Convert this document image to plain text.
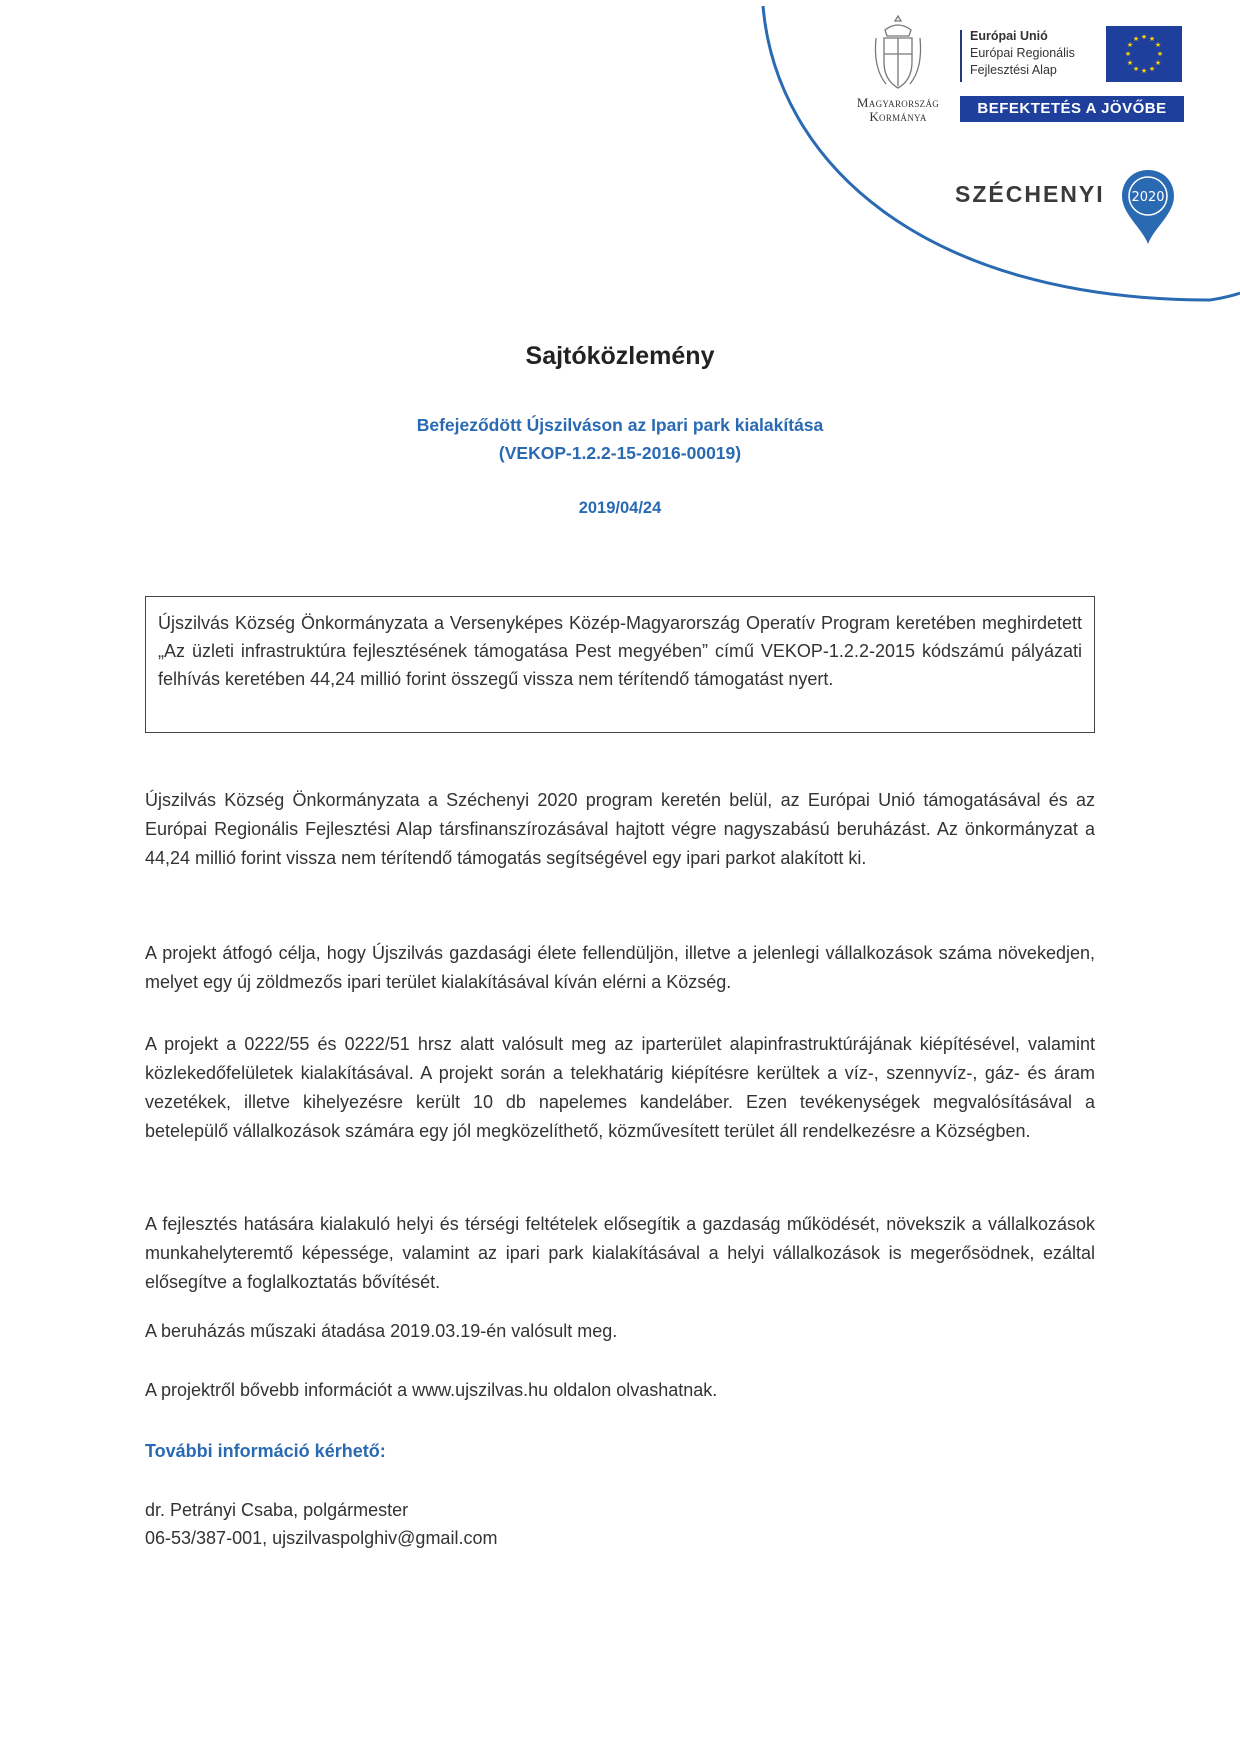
Magyarország
Kormánya
Európai Unió
Európai Regionális
Fejlesztési Alap
★ ★
★
★
★
★
★
★
★
★
★
★
BEFEKTETÉS A JÖVŐBE
SZÉCHENYI 2020
Sajtóközlemény
Befejeződött Újszilváson az Ipari park kialakítása
(VEKOP-1.2.2-15-2016-00019)
2019/04/24

Újszilvás Község Önkormányzata a Versenyképes Közép-Magyarország Operatív Program keretében meghirdetett „Az üzleti infrastruktúra fejlesztésének támogatása Pest megyében” című VEKOP-1.2.2-2015 kódszámú pályázati felhívás keretében 44,24 millió forint összegű vissza nem térítendő támogatást nyert.

Újszilvás Község Önkormányzata a Széchenyi 2020 program keretén belül, az Európai Unió támogatásával és az Európai Regionális Fejlesztési Alap társfinanszírozásával hajtott végre nagyszabású beruházást. Az önkormányzat a 44,24 millió forint vissza nem térítendő támogatás segítségével egy ipari parkot alakított ki.

A projekt átfogó célja, hogy Újszilvás gazdasági élete fellendüljön, illetve a jelenlegi vállalkozások száma növekedjen, melyet egy új zöldmezős ipari terület kialakításával kíván elérni a Község.

A projekt a 0222/55 és 0222/51 hrsz alatt valósult meg az iparterület alapinfrastruktúrájának kiépítésével, valamint közlekedőfelületek kialakításával. A projekt során a telekhatárig kiépítésre kerültek a víz-, szennyvíz-, gáz- és áram vezetékek, illetve kihelyezésre került 10 db napelemes kandeláber. Ezen tevékenységek megvalósításával a betelepülő vállalkozások számára egy jól megközelíthető, közművesített terület áll rendelkezésre a Községben.

A fejlesztés hatására kialakuló helyi és térségi feltételek elősegítik a gazdaság működését, növekszik a vállalkozások munkahelyteremtő képessége, valamint az ipari park kialakításával a helyi vállalkozások is megerősödnek, ezáltal elősegítve a foglalkoztatás bővítését.

A beruházás műszaki átadása 2019.03.19-én valósult meg.
A projektről bővebb információt a www.ujszilvas.hu oldalon olvashatnak.
További információ kérhető:
dr. Petrányi Csaba, polgármester
06-53/387-001, ujszilvaspolghiv@gmail.com
